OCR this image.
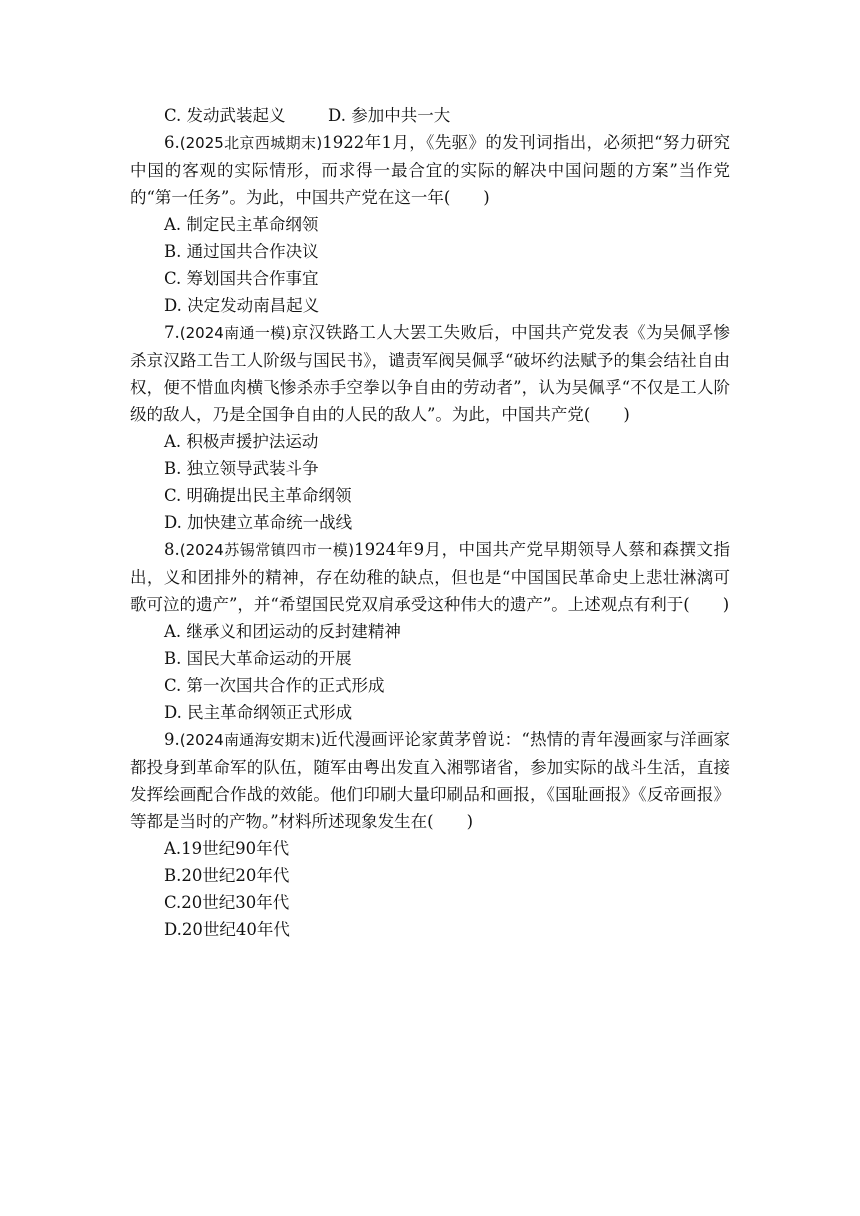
C. 发动武装起义	D. 参加中共一大
6.(2025北京西城期末)1922年1月，《先驱》的发刊词指出，必须把“努力研究中国的客观的实际情形，而求得一最合宜的实际的解决中国问题的方案”当作党的“第一任务”。为此，中国共产党在这一年(　　)
A. 制定民主革命纲领
B. 通过国共合作决议
C. 筹划国共合作事宜
D. 决定发动南昌起义
7.(2024南通一模)京汉铁路工人大罢工失败后，中国共产党发表《为吴佩孚惨杀京汉路工告工人阶级与国民书》，谴责军阀吴佩孚“破坏约法赋予的集会结社自由权，便不惜血肉横飞惨杀赤手空拳以争自由的劳动者”，认为吴佩孚“不仅是工人阶级的敌人，乃是全国争自由的人民的敌人”。为此，中国共产党(　　)
A. 积极声援护法运动
B. 独立领导武装斗争
C. 明确提出民主革命纲领
D. 加快建立革命统一战线
8.(2024苏锡常镇四市一模)1924年9月，中国共产党早期领导人蔡和森撰文指出，义和团排外的精神，存在幼稚的缺点，但也是“中国国民革命史上悲壮淋漓可歌可泣的遗产”，并“希望国民党双肩承受这种伟大的遗产”。上述观点有利于(　　)
A. 继承义和团运动的反封建精神
B. 国民大革命运动的开展
C. 第一次国共合作的正式形成
D. 民主革命纲领正式形成
9.(2024南通海安期末)近代漫画评论家黄茅曾说：“热情的青年漫画家与洋画家都投身到革命军的队伍，随军由粤出发直入湘鄂诸省，参加实际的战斗生活，直接发挥绘画配合作战的效能。他们印刷大量印刷品和画报，《国耻画报》《反帝画报》等都是当时的产物。”材料所述现象发生在(　　)
A.19世纪90年代
B.20世纪20年代
C.20世纪30年代
D.20世纪40年代
